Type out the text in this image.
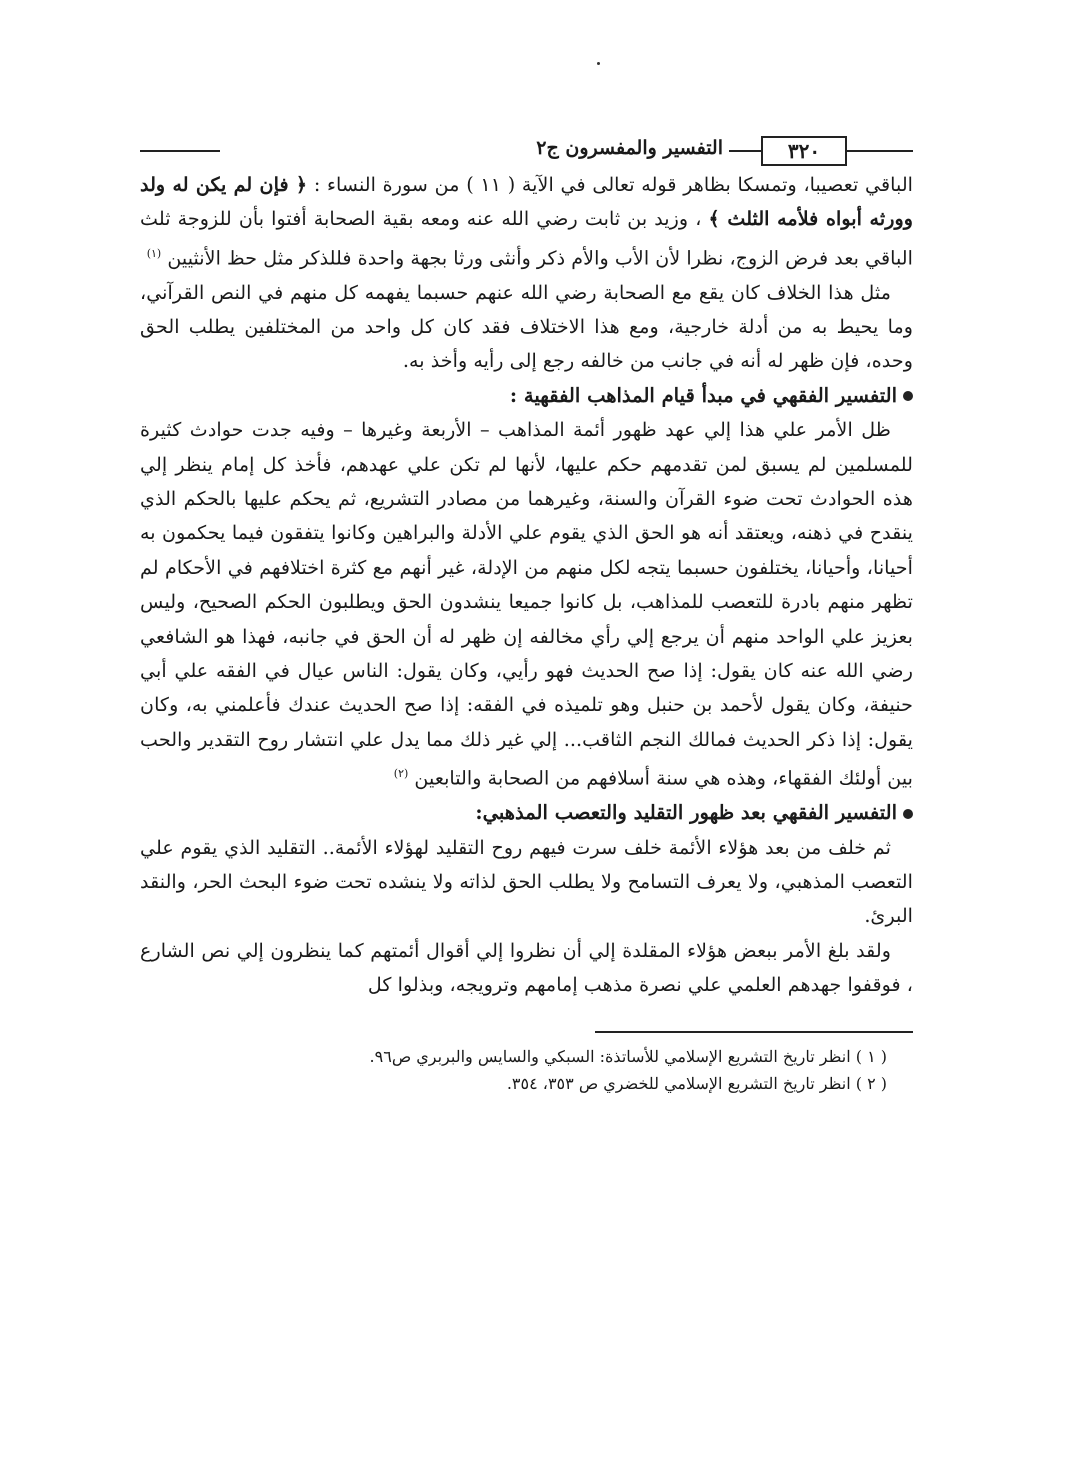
٣٢٠
التفسير والمفسرون ج٢

الباقي تعصيبا، وتمسكا بظاهر قوله تعالى في الآية ( ١١ ) من سورة النساء : ﴿ فإن لم يكن له ولد وورثه أبواه فلأمه الثلث ﴾ ، وزيد بن ثابت رضي الله عنه ومعه بقية الصحابة أفتوا بأن للزوجة ثلث الباقي بعد فرض الزوج، نظرا لأن الأب والأم ذكر وأنثى ورثا بجهة واحدة فللذكر مثل حظ الأنثيين $^{(١)}$

مثل هذا الخلاف كان يقع مع الصحابة رضي الله عنهم حسبما يفهمه كل منهم في النص القرآني، وما يحيط به من أدلة خارجية، ومع هذا الاختلاف فقد كان كل واحد من المختلفين يطلب الحق وحده، فإن ظهر له أنه في جانب من خالفه رجع إلى رأيه وأخذ به.

التفسير الفقهي في مبدأ قيام المذاهب الفقهية :

ظل الأمر علي هذا إلي عهد ظهور أئمة المذاهب – الأربعة وغيرها – وفيه جدت حوادث كثيرة للمسلمين لم يسبق لمن تقدمهم حكم عليها، لأنها لم تكن علي عهدهم، فأخذ كل إمام ينظر إلي هذه الحوادث تحت ضوء القرآن والسنة، وغيرهما من مصادر التشريع، ثم يحكم عليها بالحكم الذي ينقدح في ذهنه، ويعتقد أنه هو الحق الذي يقوم علي الأدلة والبراهين وكانوا يتفقون فيما يحكمون به أحيانا، وأحيانا، يختلفون حسبما يتجه لكل منهم من الإدلة، غير أنهم مع كثرة اختلافهم في الأحكام لم تظهر منهم بادرة للتعصب للمذاهب، بل كانوا جميعا ينشدون الحق ويطلبون الحكم الصحيح، وليس بعزيز علي الواحد منهم أن يرجع إلي رأي مخالفه إن ظهر له أن الحق في جانبه، فهذا هو الشافعي رضي الله عنه كان يقول: إذا صح الحديث فهو رأيي، وكان يقول: الناس عيال في الفقه علي أبي حنيفة، وكان يقول لأحمد بن حنبل وهو تلميذه في الفقه: إذا صح الحديث عندك فأعلمني به، وكان يقول: إذا ذكر الحديث فمالك النجم الثاقب... إلي غير ذلك مما يدل علي انتشار روح التقدير والحب بين أولئك الفقهاء، وهذه هي سنة أسلافهم من الصحابة والتابعين $^{(٢)}$

التفسير الفقهي بعد ظهور التقليد والتعصب المذهبي:

ثم خلف من بعد هؤلاء الأئمة خلف سرت فيهم روح التقليد لهؤلاء الأئمة.. التقليد الذي يقوم علي التعصب المذهبي، ولا يعرف التسامح ولا يطلب الحق لذاته ولا ينشده تحت ضوء البحث الحر، والنقد البرئ.

ولقد بلغ الأمر ببعض هؤلاء المقلدة إلي أن نظروا إلي أقوال أئمتهم كما ينظرون إلي نص الشارع ، فوقفوا جهدهم العلمي علي نصرة مذهب إمامهم وترويجه، وبذلوا كل

( ١ ) انظر تاريخ التشريع الإسلامي للأساتذة: السبكي والسايس والبربري ص٩٦.

( ٢ ) انظر تاريخ التشريع الإسلامي للخضري ص ٣٥٣، ٣٥٤.
